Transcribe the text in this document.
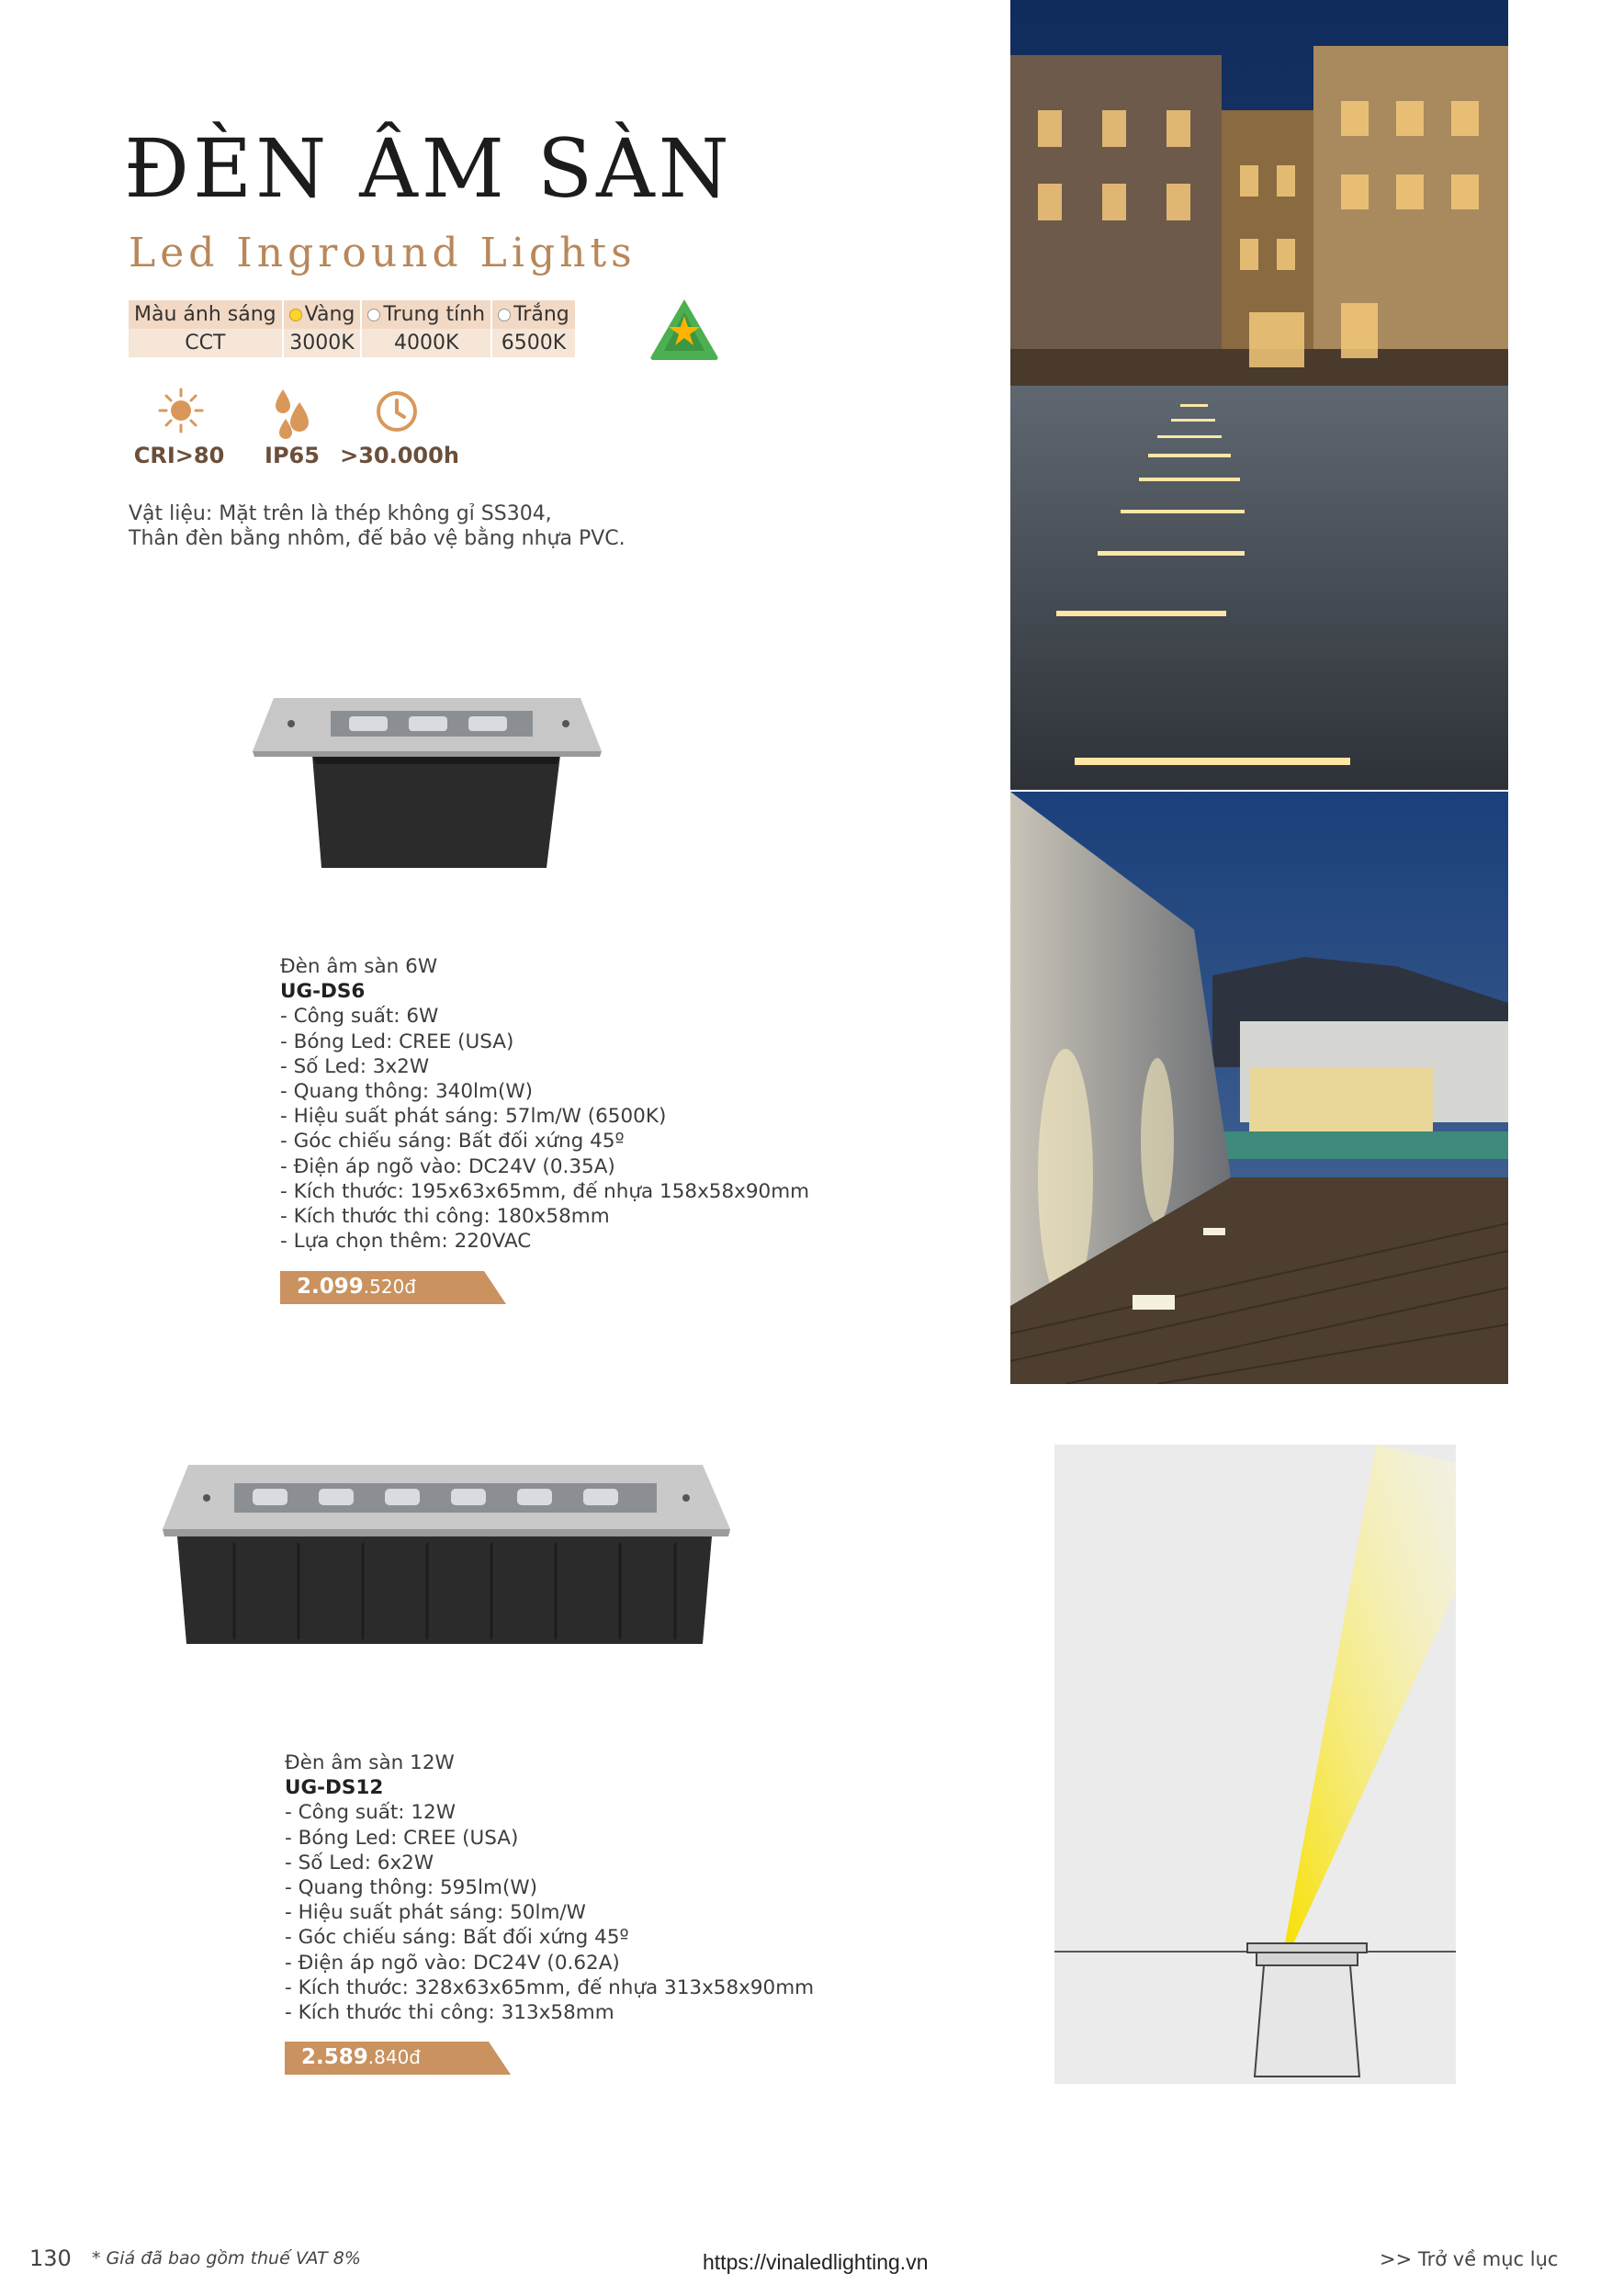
ĐÈN ÂM SÀN
Led Inground Lights
Màu ánh sáng	Vàng	Trung tính	Trắng
CCT	3000K	4000K	6500K
CRI>80	IP65 >30.000h
Vật liệu: Mặt trên là thép không gỉ SS304,
Thân đèn bằng nhôm, đế bảo vệ bằng nhựa PVC.
Đèn âm sàn 6W
UG-DS6
- Công suất: 6W
- Bóng Led: CREE (USA)
- Số Led: 3x2W
- Quang thông: 340lm(W)
- Hiệu suất phát sáng: 57lm/W (6500K)
- Góc chiếu sáng: Bất đối xứng 45º
- Điện áp ngõ vào: DC24V (0.35A)
- Kích thước: 195x63x65mm, đế nhựa 158x58x90mm
- Kích thước thi công: 180x58mm
- Lựa chọn thêm: 220VAC
2.099.520đ
Đèn âm sàn 12W
UG-DS12
- Công suất: 12W
- Bóng Led: CREE (USA)
- Số Led: 6x2W
- Quang thông: 595lm(W)
- Hiệu suất phát sáng: 50lm/W
- Góc chiếu sáng: Bất đối xứng 45º
- Điện áp ngõ vào: DC24V (0.62A)
- Kích thước: 328x63x65mm, đế nhựa 313x58x90mm
- Kích thước thi công: 313x58mm
2.589.840đ
130 * Giá đã bao gồm thuế VAT 8%	https://vinaledlighting.vn	>> Trở về mục lục
